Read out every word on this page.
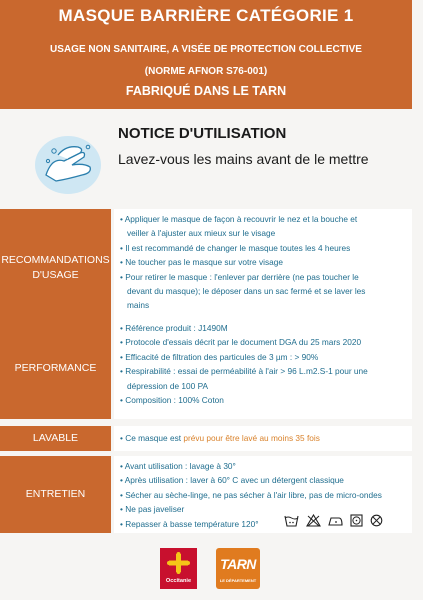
MASQUE BARRIÈRE CATÉGORIE 1
USAGE NON SANITAIRE, A VISÉE DE PROTECTION COLLECTIVE
(NORME AFNOR S76-001)
FABRIQUÉ DANS LE TARN
NOTICE D'UTILISATION
Lavez-vous les mains avant de le mettre
RECOMMANDATIONS D'USAGE
• Appliquer le masque de façon à recouvrir le nez et la bouche et
veiller à l'ajuster aux mieux sur le visage
• Il est recommandé de changer le masque toutes les 4 heures
• Ne toucher pas le masque sur votre visage
• Pour retirer le masque : l'enlever par derrière (ne pas toucher le
devant du masque); le déposer dans un sac fermé et se laver les
mains
PERFORMANCE
• Référence produit : J1490M
• Protocole d'essais décrit par le document DGA du 25 mars 2020
• Efficacité de filtration des particules de 3 µm : > 90%
• Respirabilité : essai de perméabilité à l'air > 96 L.m2.S-1 pour une
dépression de 100 PA
• Composition : 100% Coton
LAVABLE
•	Ce masque est prévu pour être lavé au moins 35 fois
ENTRETIEN
• Avant utilisation : lavage à 30°
• Après utilisation : laver à 60° C avec un détergent classique
• Sécher au sèche-linge, ne pas sécher à l'air libre, pas de micro-ondes
• Ne pas javeliser
• Repasser à basse température 120°
Occitanie
TARN
LE DÉPARTEMENT
